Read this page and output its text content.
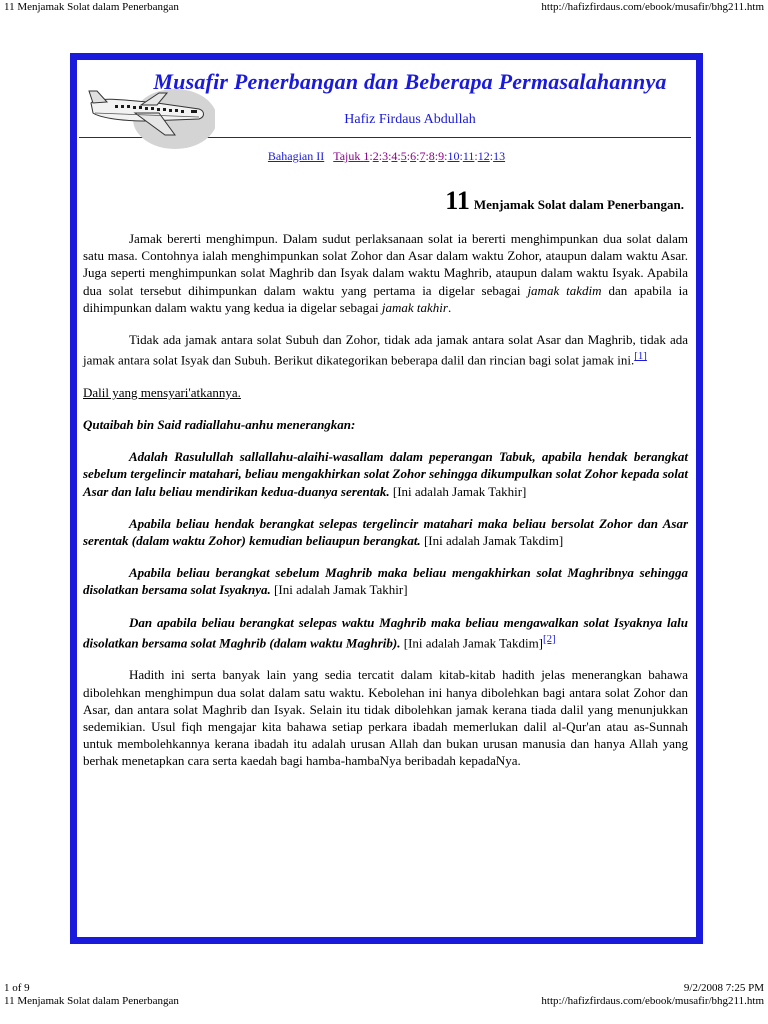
11 Menjamak Solat dalam Penerbangan	http://hafizfirdaus.com/ebook/musafir/bhg211.htm
Musafir Penerbangan dan Beberapa Permasalahannya
Hafiz Firdaus Abdullah
Bahagian II Tajuk 1:2:3:4:5:6:7:8:9:10:11:12:13
11 Menjamak Solat dalam Penerbangan.

Jamak bererti menghimpun. Dalam sudut perlaksanaan solat ia bererti menghimpunkan dua solat dalam satu masa. Contohnya ialah menghimpunkan solat Zohor dan Asar dalam waktu Zohor, ataupun dalam waktu Asar. Juga seperti menghimpunkan solat Maghrib dan Isyak dalam waktu Maghrib, ataupun dalam waktu Isyak. Apabila dua solat tersebut dihimpunkan dalam waktu yang pertama ia digelar sebagai jamak takdim dan apabila ia dihimpunkan dalam waktu yang kedua ia digelar sebagai jamak takhir.

Tidak ada jamak antara solat Subuh dan Zohor, tidak ada jamak antara solat Asar dan Maghrib, tidak ada jamak antara solat Isyak dan Subuh. Berikut dikategorikan beberapa dalil dan rincian bagi solat jamak ini.[1]

Dalil yang mensyari'atkannya.

Qutaibah bin Said radiallahu-anhu menerangkan:

Adalah Rasulullah sallallahu-alaihi-wasallam dalam peperangan Tabuk, apabila hendak berangkat sebelum tergelincir matahari, beliau mengakhirkan solat Zohor sehingga dikumpulkan solat Zohor kepada solat Asar dan lalu beliau mendirikan kedua-duanya serentak. [Ini adalah Jamak Takhir]

Apabila beliau hendak berangkat selepas tergelincir matahari maka beliau bersolat Zohor dan Asar serentak (dalam waktu Zohor) kemudian beliaupun berangkat. [Ini adalah Jamak Takdim]

Apabila beliau berangkat sebelum Maghrib maka beliau mengakhirkan solat Maghribnya sehingga disolatkan bersama solat Isyaknya. [Ini adalah Jamak Takhir]

Dan apabila beliau berangkat selepas waktu Maghrib maka beliau mengawalkan solat Isyaknya lalu disolatkan bersama solat Maghrib (dalam waktu Maghrib). [Ini adalah Jamak Takdim][2]

Hadith ini serta banyak lain yang sedia tercatit dalam kitab-kitab hadith jelas menerangkan bahawa dibolehkan menghimpun dua solat dalam satu waktu. Kebolehan ini hanya dibolehkan bagi antara solat Zohor dan Asar, dan antara solat Maghrib dan Isyak. Selain itu tidak dibolehkan jamak kerana tiada dalil yang menunjukkan sedemikian. Usul fiqh mengajar kita bahawa setiap perkara ibadah memerlukan dalil al-Qur'an atau as-Sunnah untuk membolehkannya kerana ibadah itu adalah urusan Allah dan bukan urusan manusia dan hanya Allah yang berhak menetapkan cara serta kaedah bagi hamba-hambaNya beribadah kepadaNya.

1 of 9	9/2/2008 7:25 PM
11 Menjamak Solat dalam Penerbangan	http://hafizfirdaus.com/ebook/musafir/bhg211.htm
